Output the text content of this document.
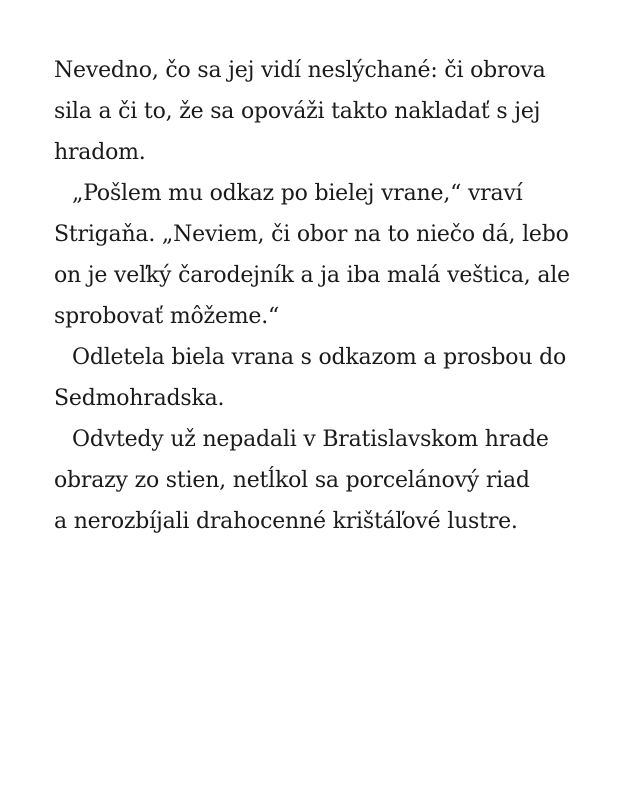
Nevedno, čo sa jej vidí neslýchané: či obrova
sila a či to, že sa opováži takto nakladať s jej
hradom.
„Pošlem mu odkaz po bielej vrane,“ vraví
Strigaňa. „Neviem, či obor na to niečo dá, lebo
on je veľký čarodejník a ja iba malá veštica, ale
sprobovať môžeme.“
Odletela biela vrana s odkazom a prosbou do
Sedmohradska.
Odvtedy už nepadali v Bratislavskom hrade
obrazy zo stien, netĺkol sa porcelánový riad
a nerozbíjali drahocenné krištáľové lustre.
